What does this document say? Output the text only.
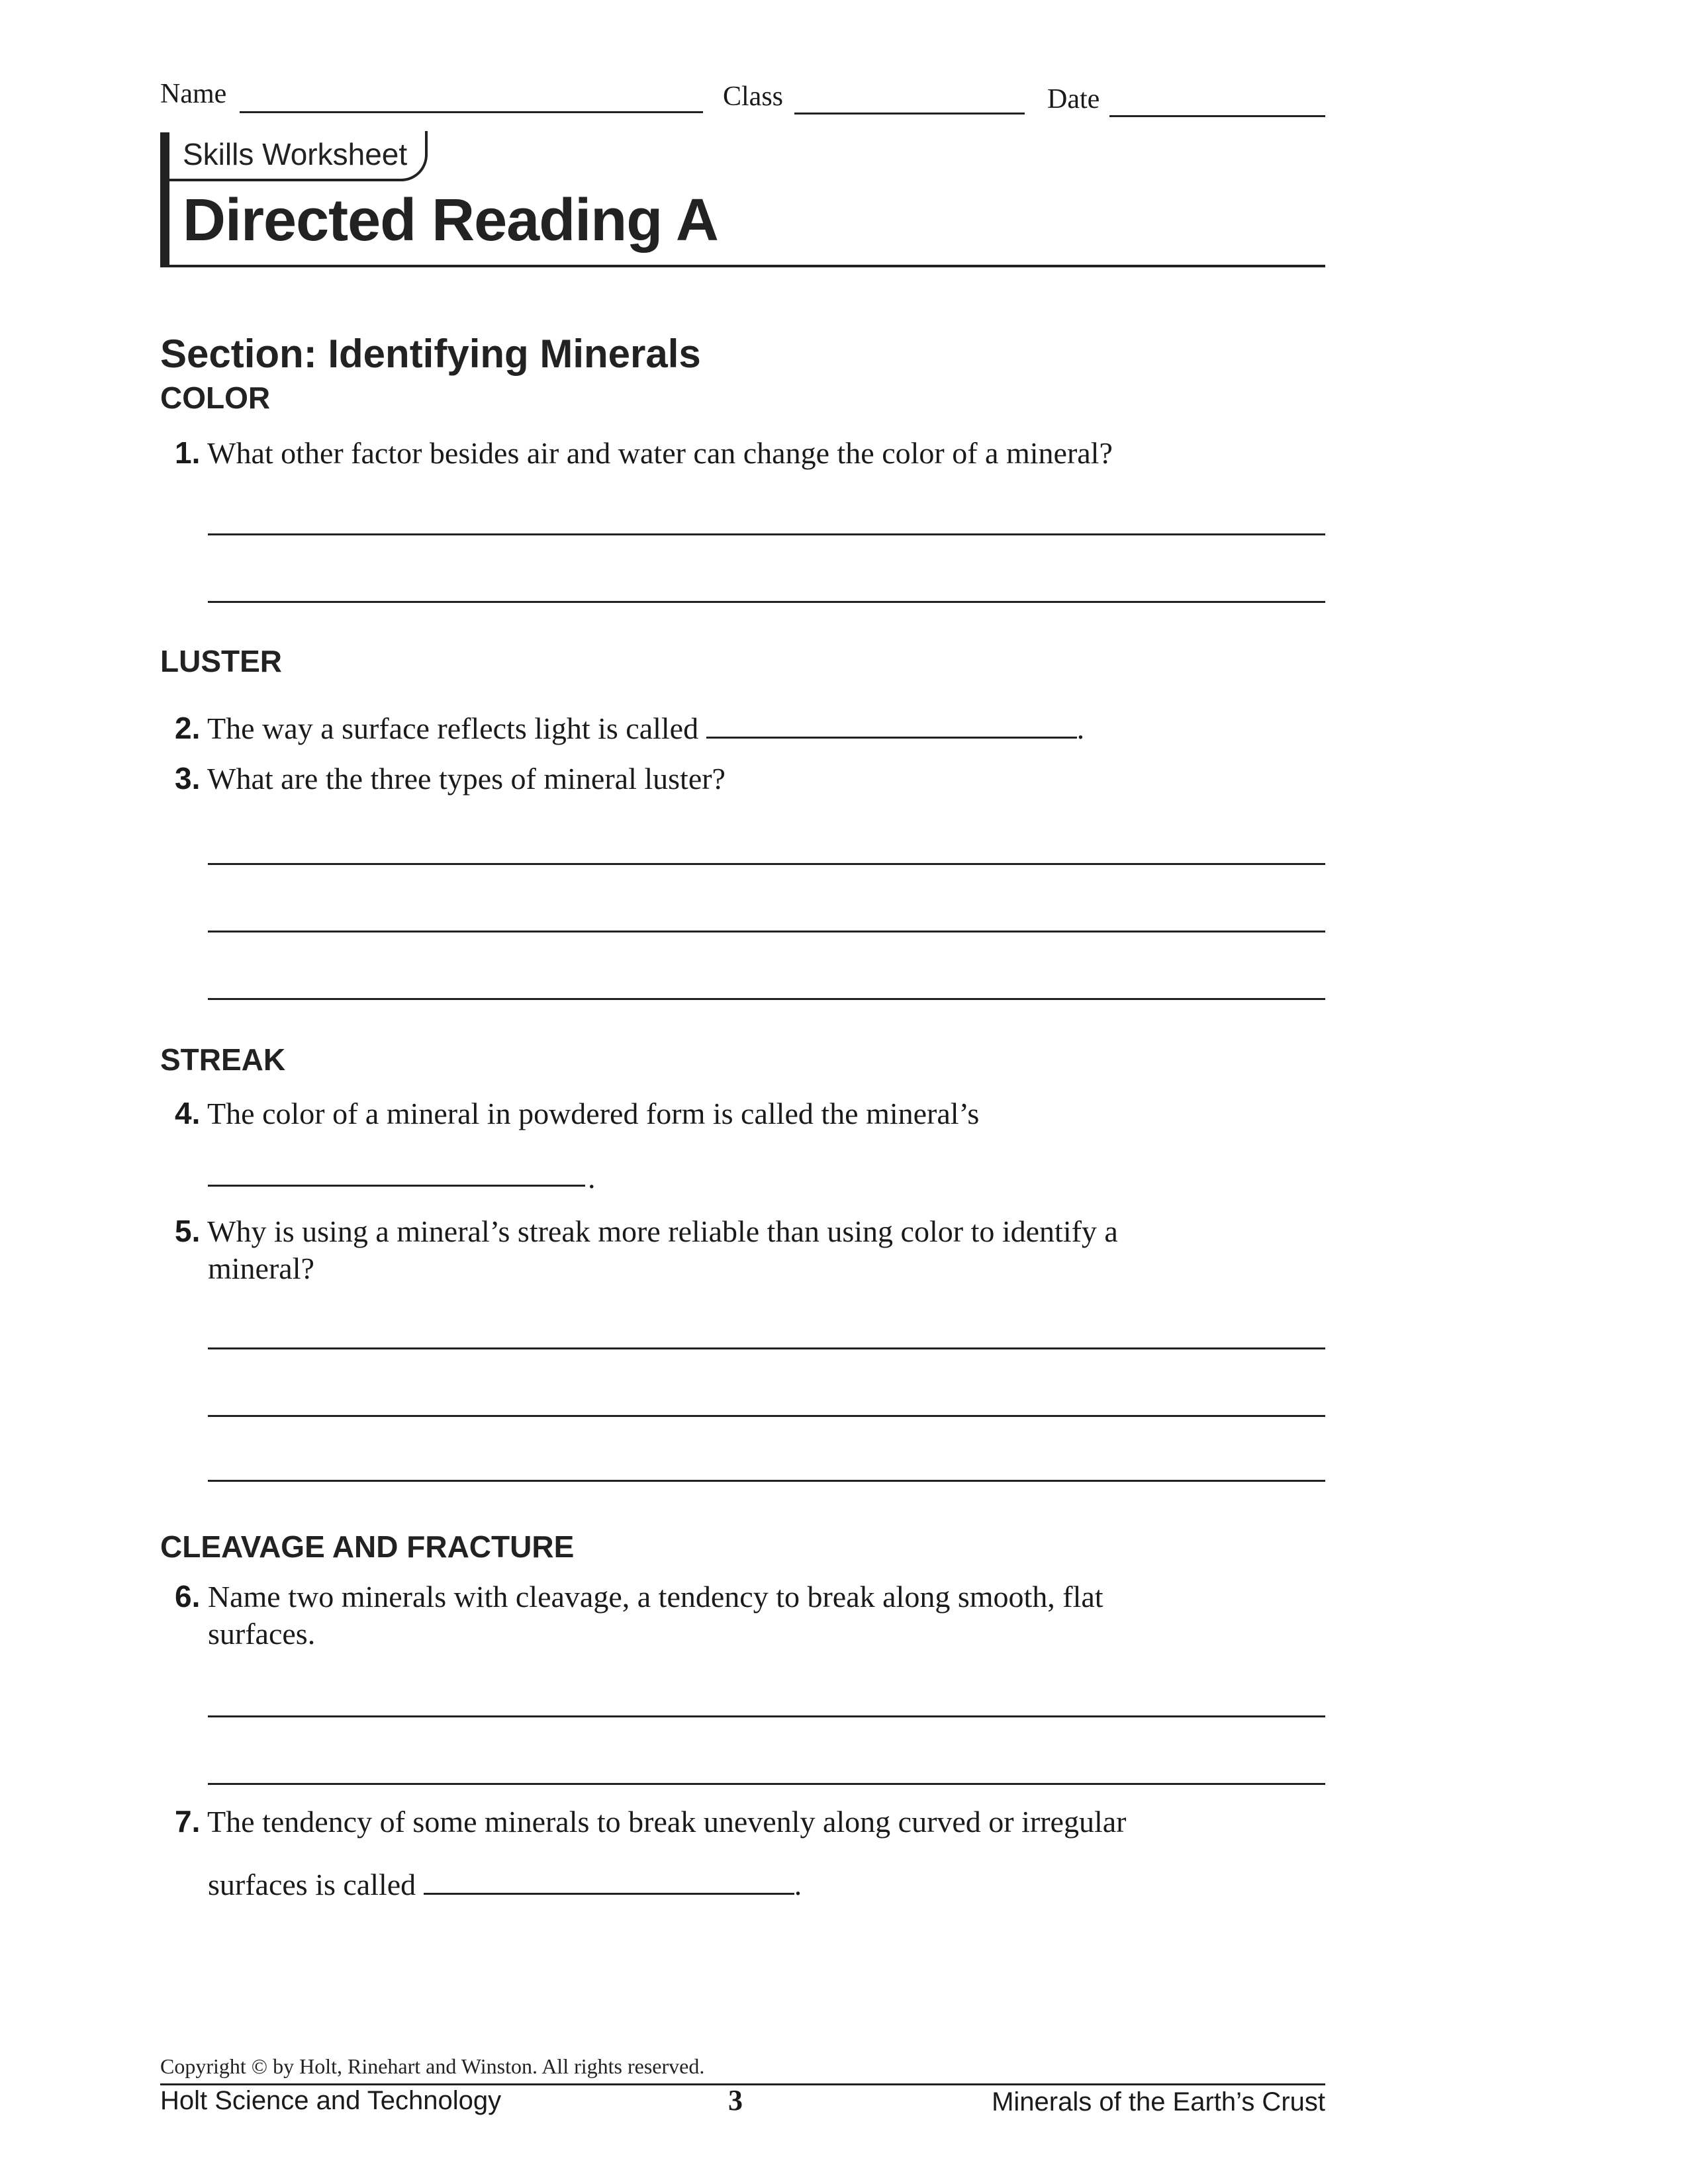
Name	Class	Date
Skills Worksheet
Directed Reading A
Section: Identifying Minerals
COLOR
1. What other factor besides air and water can change the color of a mineral?
LUSTER
2. The way a surface reflects light is called	.
3. What are the three types of mineral luster?
STREAK
4. The color of a mineral in powdered form is called the mineral’s
.
5. Why is using a mineral’s streak more reliable than using color to identify a
mineral?
CLEAVAGE AND FRACTURE
6. Name two minerals with cleavage, a tendency to break along smooth, flat
surfaces.
7. The tendency of some minerals to break unevenly along curved or irregular
surfaces is called	.
Copyright © by Holt, Rinehart and Winston. All rights reserved.
Holt Science and Technology	3	Minerals of the Earth’s Crust
